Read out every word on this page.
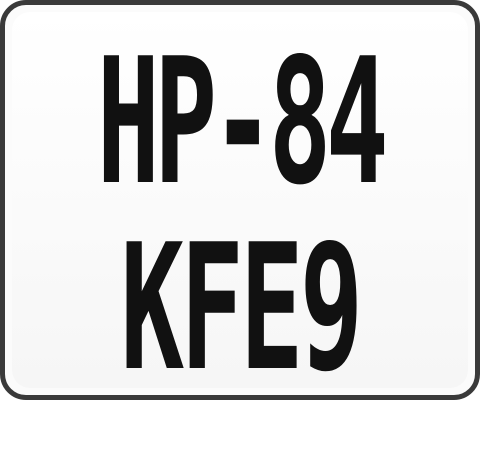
HP-84
KFE9
